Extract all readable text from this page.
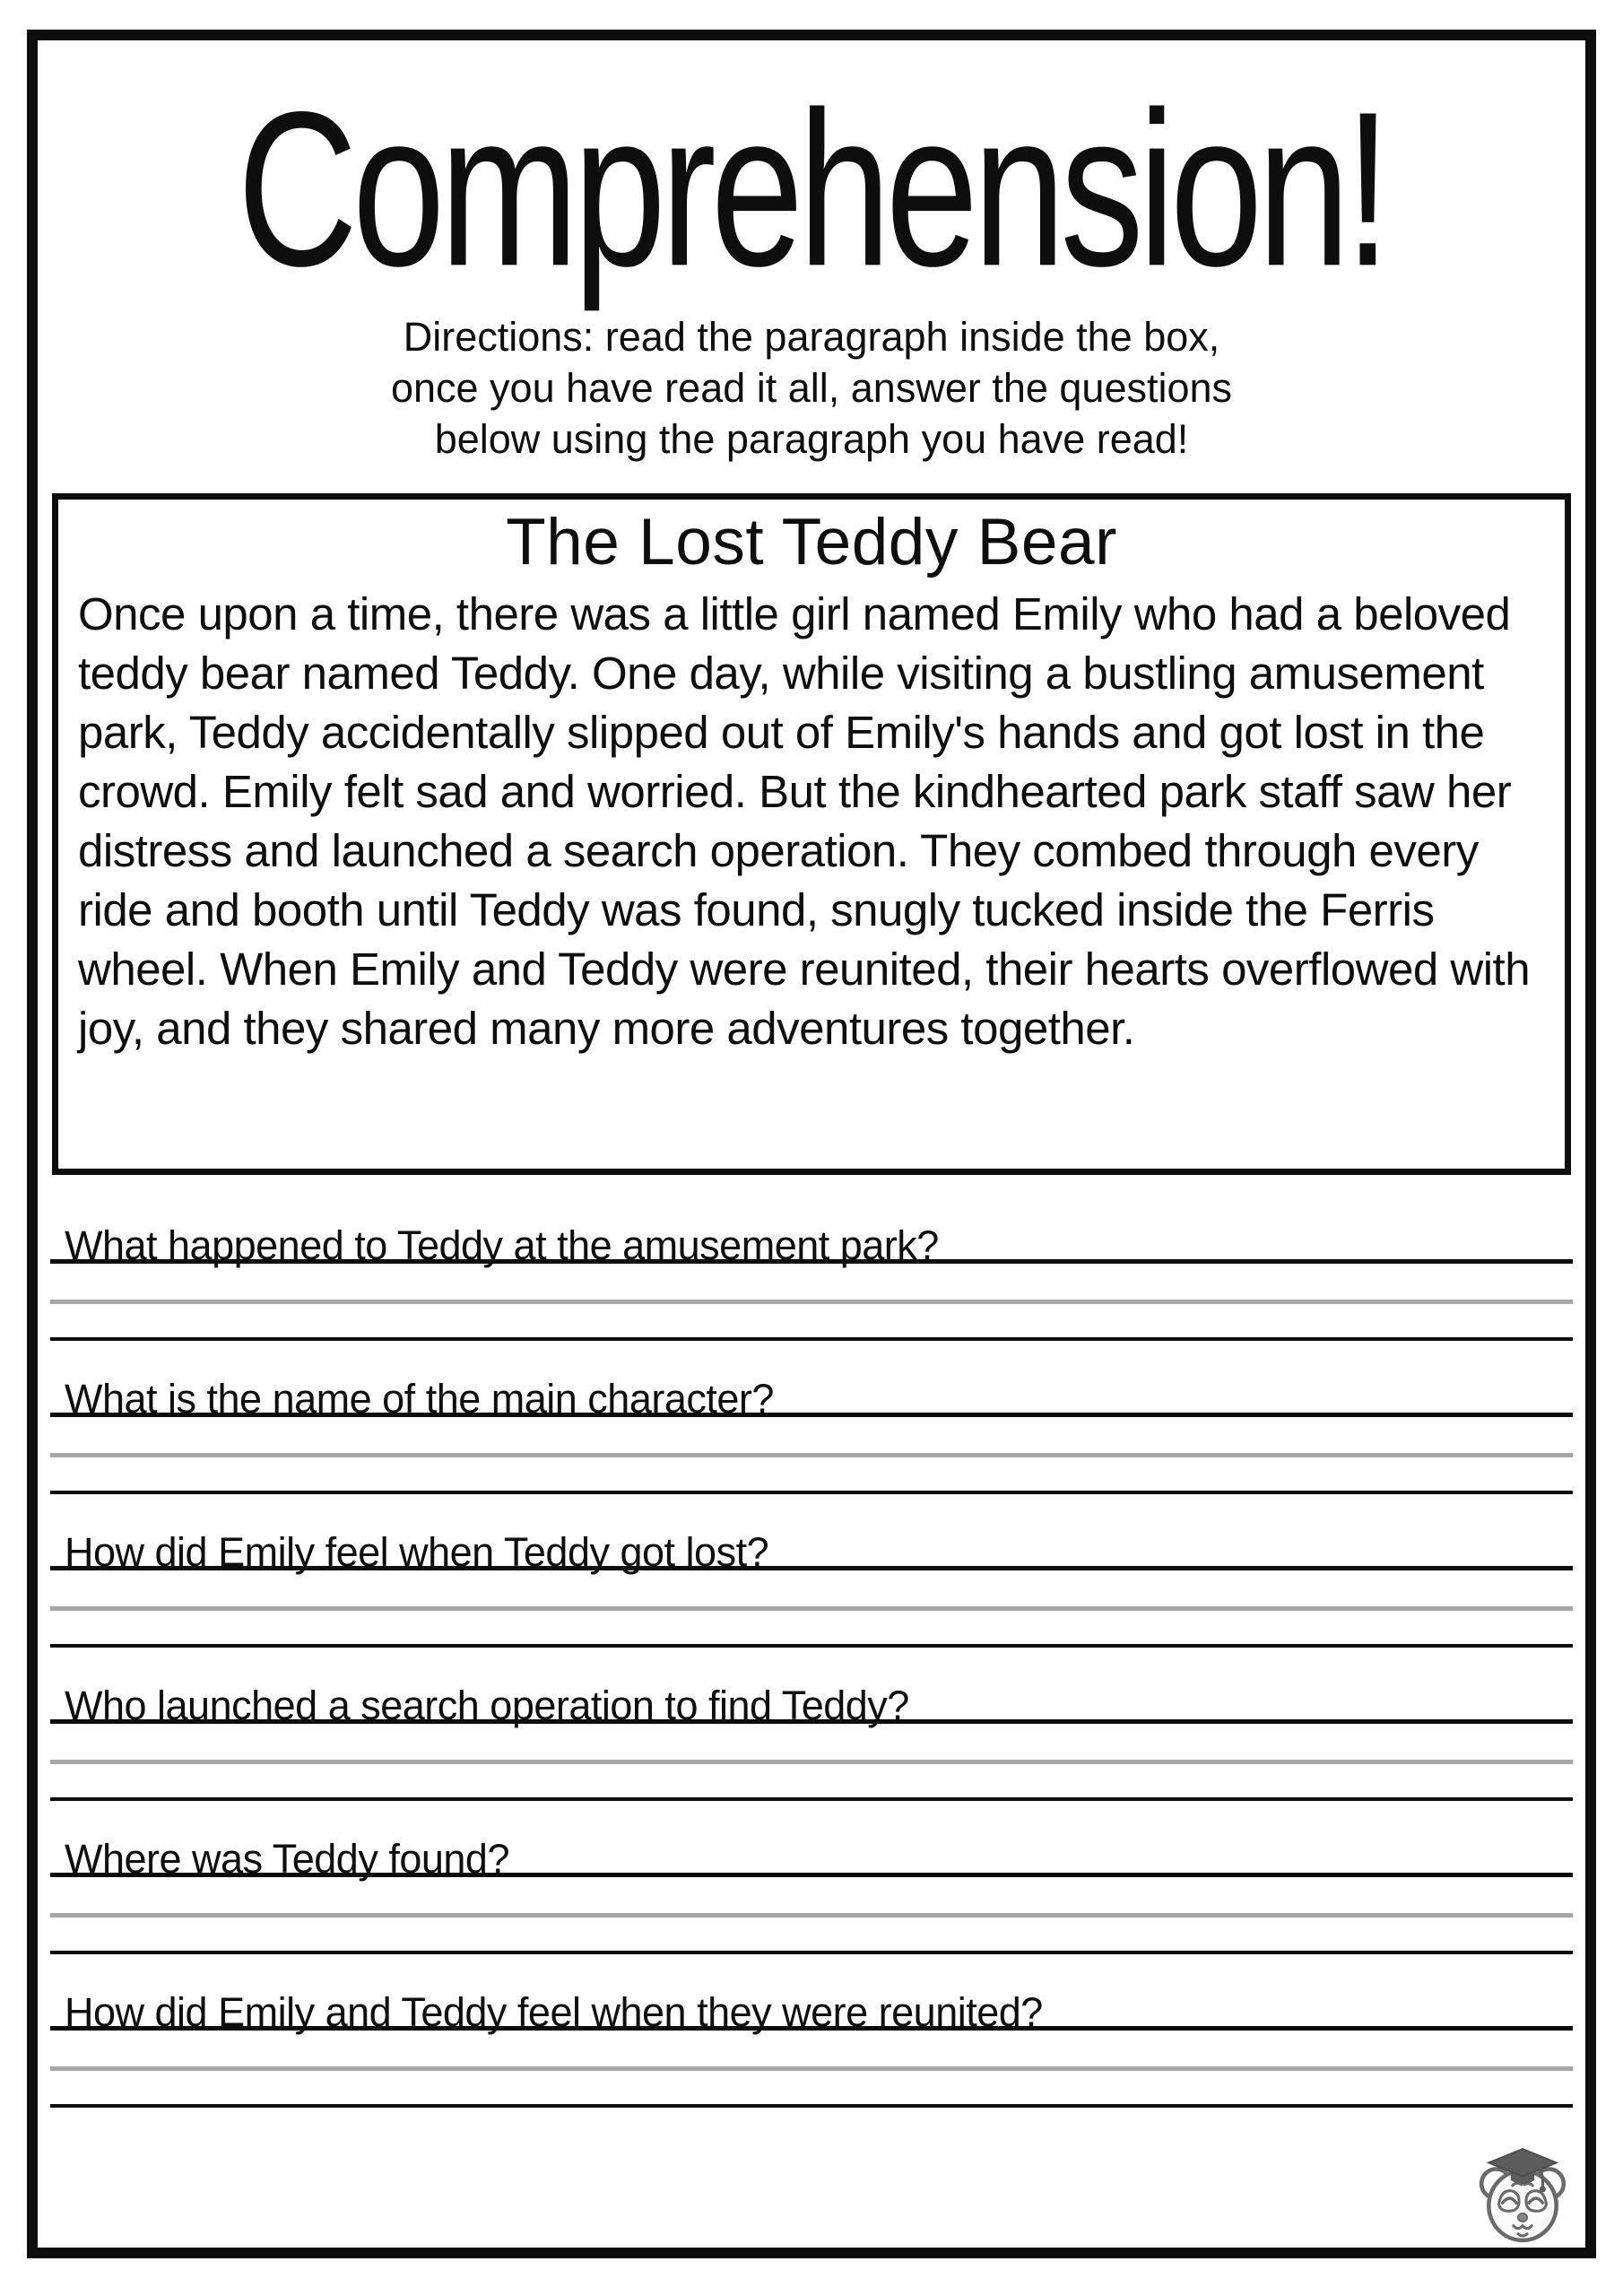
Comprehension!
Directions: read the paragraph inside the box,
once you have read it all, answer the questions
below using the paragraph you have read!
The Lost Teddy Bear
Once upon a time, there was a little girl named Emily who had a beloved teddy bear named Teddy. One day, while visiting a bustling amusement park, Teddy accidentally slipped out of Emily's hands and got lost in the crowd. Emily felt sad and worried. But the kindhearted park staff saw her distress and launched a search operation. They combed through every ride and booth until Teddy was found, snugly tucked inside the Ferris wheel. When Emily and Teddy were reunited, their hearts overflowed with joy, and they shared many more adventures together.
What happened to Teddy at the amusement park?
What is the name of the main character?
How did Emily feel when Teddy got lost?
Who launched a search operation to find Teddy?
Where was Teddy found?
How did Emily and Teddy feel when they were reunited?
